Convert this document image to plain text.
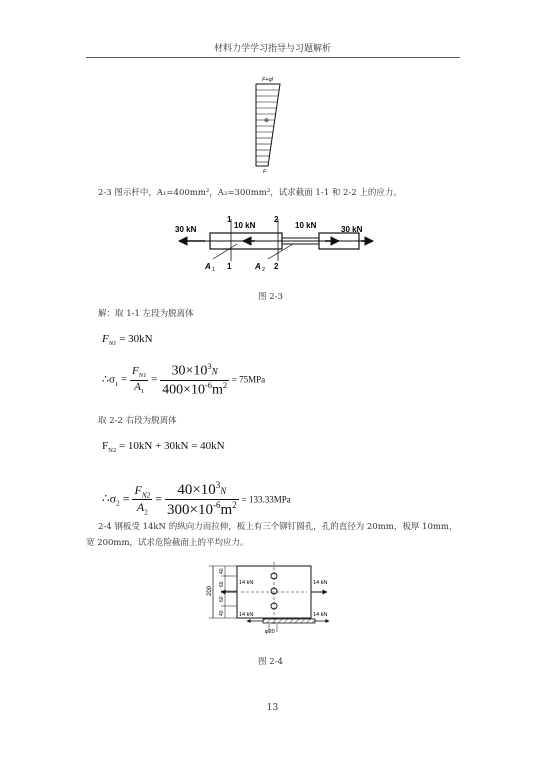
材料力学学习指导与习题解析
F+ql
F
⊕
2-3 图示杆中，A₁=400mm²，A₂=300mm²，试求截面 1-1 和 2-2 上的应力。
30 kN	10 kN	10 kN	30 kN
1
1
2
2
A 1	A 2
图 2-3
解：取 1-1 左段为脱离体
$F_{N1} = 30kN$
$\therefore\sigma_1 = \frac{F_{N1}}{A_1} = \frac{30\times 10^3N}{400\times 10^{-6}m^2} = 75MPa$
取 2-2 右段为脱离体
$F_{N2} = 10kN + 30kN = 40kN$
$\therefore\sigma_2 = \frac{F_{N2}}{A_2} = \frac{40\times 10^3N}{300\times 10^{-6}m^2} = 133.33MPa$
2-4 钢板受 14kN 的纵向力而拉伸，板上有三个铆钉圆孔，孔的直径为 20mm，板厚 10mm，
宽 200mm，试求危险截面上的平均应力。
200
40
60
60
40
14 kN	14 kN
14 kN	14 kN
φ20
图 2-4
13
